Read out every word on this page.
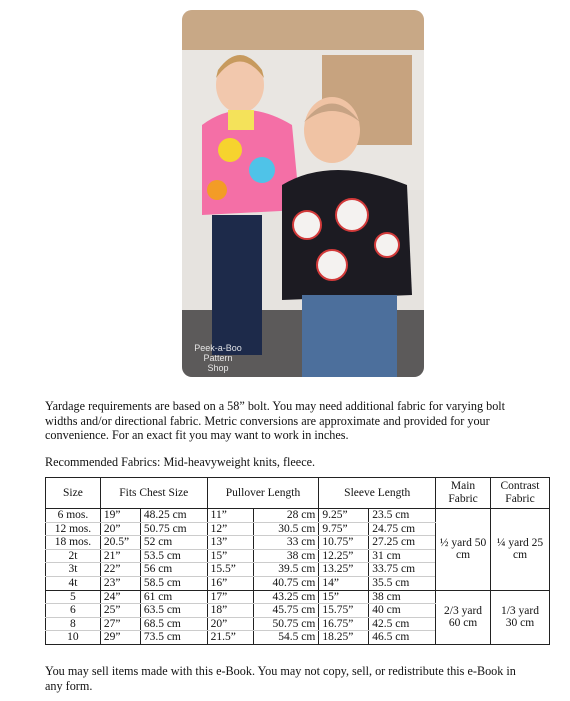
Peek-a-Boo
Pattern
Shop
Yardage requirements are based on a 58” bolt. You may need additional fabric for varying bolt widths and/or directional fabric. Metric conversions are approximate and provided for your convenience. For an exact fit you may want to work in inches.
Recommended Fabrics: Mid-heavyweight knits, fleece.
Size	Fits Chest Size		Pullover Length		Sleeve Length		Main Fabric	Contrast Fabric
6 mos.	19”	48.25 cm	11”	28 cm	9.25”	23.5 cm	½ yard 50 cm	¼ yard 25 cm
12 mos.	20”	50.75 cm	12”	30.5 cm	9.75”	24.75 cm		
18 mos.	20.5”	52 cm	13”	33 cm	10.75”	27.25 cm		
2t	21”	53.5 cm	15”	38 cm	12.25”	31 cm		
3t	22”	56 cm	15.5”	39.5 cm	13.25”	33.75 cm		
4t	23”	58.5 cm	16”	40.75 cm	14”	35.5 cm		
5	24”	61 cm	17”	43.25 cm	15”	38 cm	2/3 yard 60 cm	1/3 yard 30 cm
6	25”	63.5 cm	18”	45.75 cm	15.75”	40 cm		
8	27”	68.5 cm	20”	50.75 cm	16.75”	42.5 cm		
10	29”	73.5 cm	21.5”	54.5 cm	18.25”	46.5 cm		
You may sell items made with this e-Book. You may not copy, sell, or redistribute this e-Book in any form.
